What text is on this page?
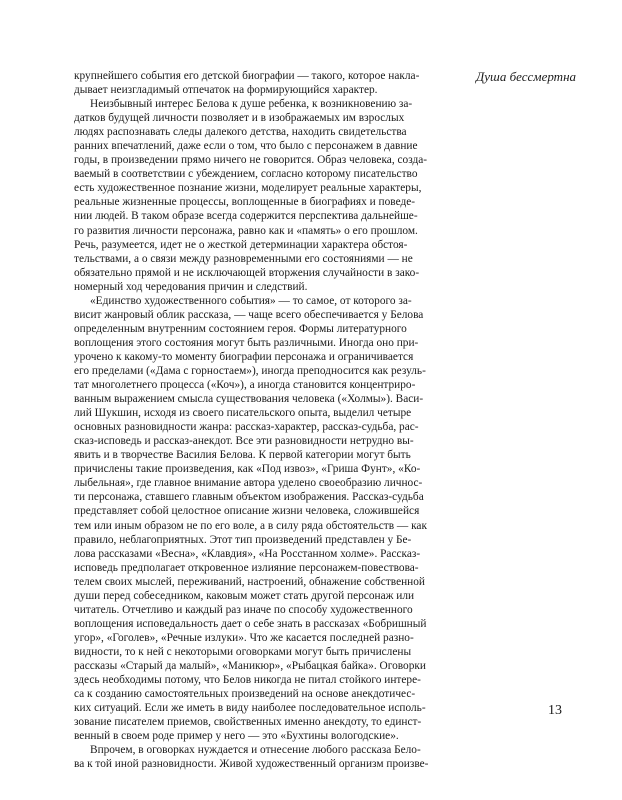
Душа бессмертна
крупнейшего события его детской биографии — такого, которое накла-
дывает неизгладимый отпечаток на формирующийся характер.
Неизбывный интерес Белова к душе ребенка, к возникновению за-
датков будущей личности позволяет и в изображаемых им взрослых
людях распознавать следы далекого детства, находить свидетельства
ранних впечатлений, даже если о том, что было с персонажем в давние
годы, в произведении прямо ничего не говорится. Образ человека, созда-
ваемый в соответствии с убеждением, согласно которому писательство
есть художественное познание жизни, моделирует реальные характеры,
реальные жизненные процессы, воплощенные в биографиях и поведе-
нии людей. В таком образе всегда содержится перспектива дальнейше-
го развития личности персонажа, равно как и «память» о его прошлом.
Речь, разумеется, идет не о жесткой детерминации характера обстоя-
тельствами, а о связи между разновременными его состояниями — не
обязательно прямой и не исключающей вторжения случайности в зако-
номерный ход чередования причин и следствий.
«Единство художественного события» — то самое, от которого за-
висит жанровый облик рассказа, — чаще всего обеспечивается у Белова
определенным внутренним состоянием героя. Формы литературного
воплощения этого состояния могут быть различными. Иногда оно при-
урочено к какому-то моменту биографии персонажа и ограничивается
его пределами («Дама с горностаем»), иногда преподносится как резуль-
тат многолетнего процесса («Коч»), а иногда становится концентриро-
ванным выражением смысла существования человека («Холмы»). Васи-
лий Шукшин, исходя из своего писательского опыта, выделил четыре
основных разновидности жанра: рассказ-характер, рассказ-судьба, рас-
сказ-исповедь и рассказ-анекдот. Все эти разновидности нетрудно вы-
явить и в творчестве Василия Белова. К первой категории могут быть
причислены такие произведения, как «Под извоз», «Гриша Фунт», «Ко-
лыбельная», где главное внимание автора уделено своеобразию личнос-
ти персонажа, ставшего главным объектом изображения. Рассказ-судьба
представляет собой целостное описание жизни человека, сложившейся
тем или иным образом не по его воле, а в силу ряда обстоятельств — как
правило, неблагоприятных. Этот тип произведений представлен у Бе-
лова рассказами «Весна», «Клавдия», «На Росстанном холме». Рассказ-
исповедь предполагает откровенное излияние персонажем-повествова-
телем своих мыслей, переживаний, настроений, обнажение собственной
души перед собеседником, каковым может стать другой персонаж или
читатель. Отчетливо и каждый раз иначе по способу художественного
воплощения исповедальность дает о себе знать в рассказах «Бобришный
угор», «Гоголев», «Речные излуки». Что же касается последней разно-
видности, то к ней с некоторыми оговорками могут быть причислены
рассказы «Старый да малый», «Маникюр», «Рыбацкая байка». Оговорки
здесь необходимы потому, что Белов никогда не питал стойкого интере-
са к созданию самостоятельных произведений на основе анекдотичес-
ких ситуаций. Если же иметь в виду наиболее последовательное исполь-
зование писателем приемов, свойственных именно анекдоту, то единст-
венный в своем роде пример у него — это «Бухтины вологодские».
Впрочем, в оговорках нуждается и отнесение любого рассказа Бело-
ва к той иной разновидности. Живой художественный организм произве-
13
